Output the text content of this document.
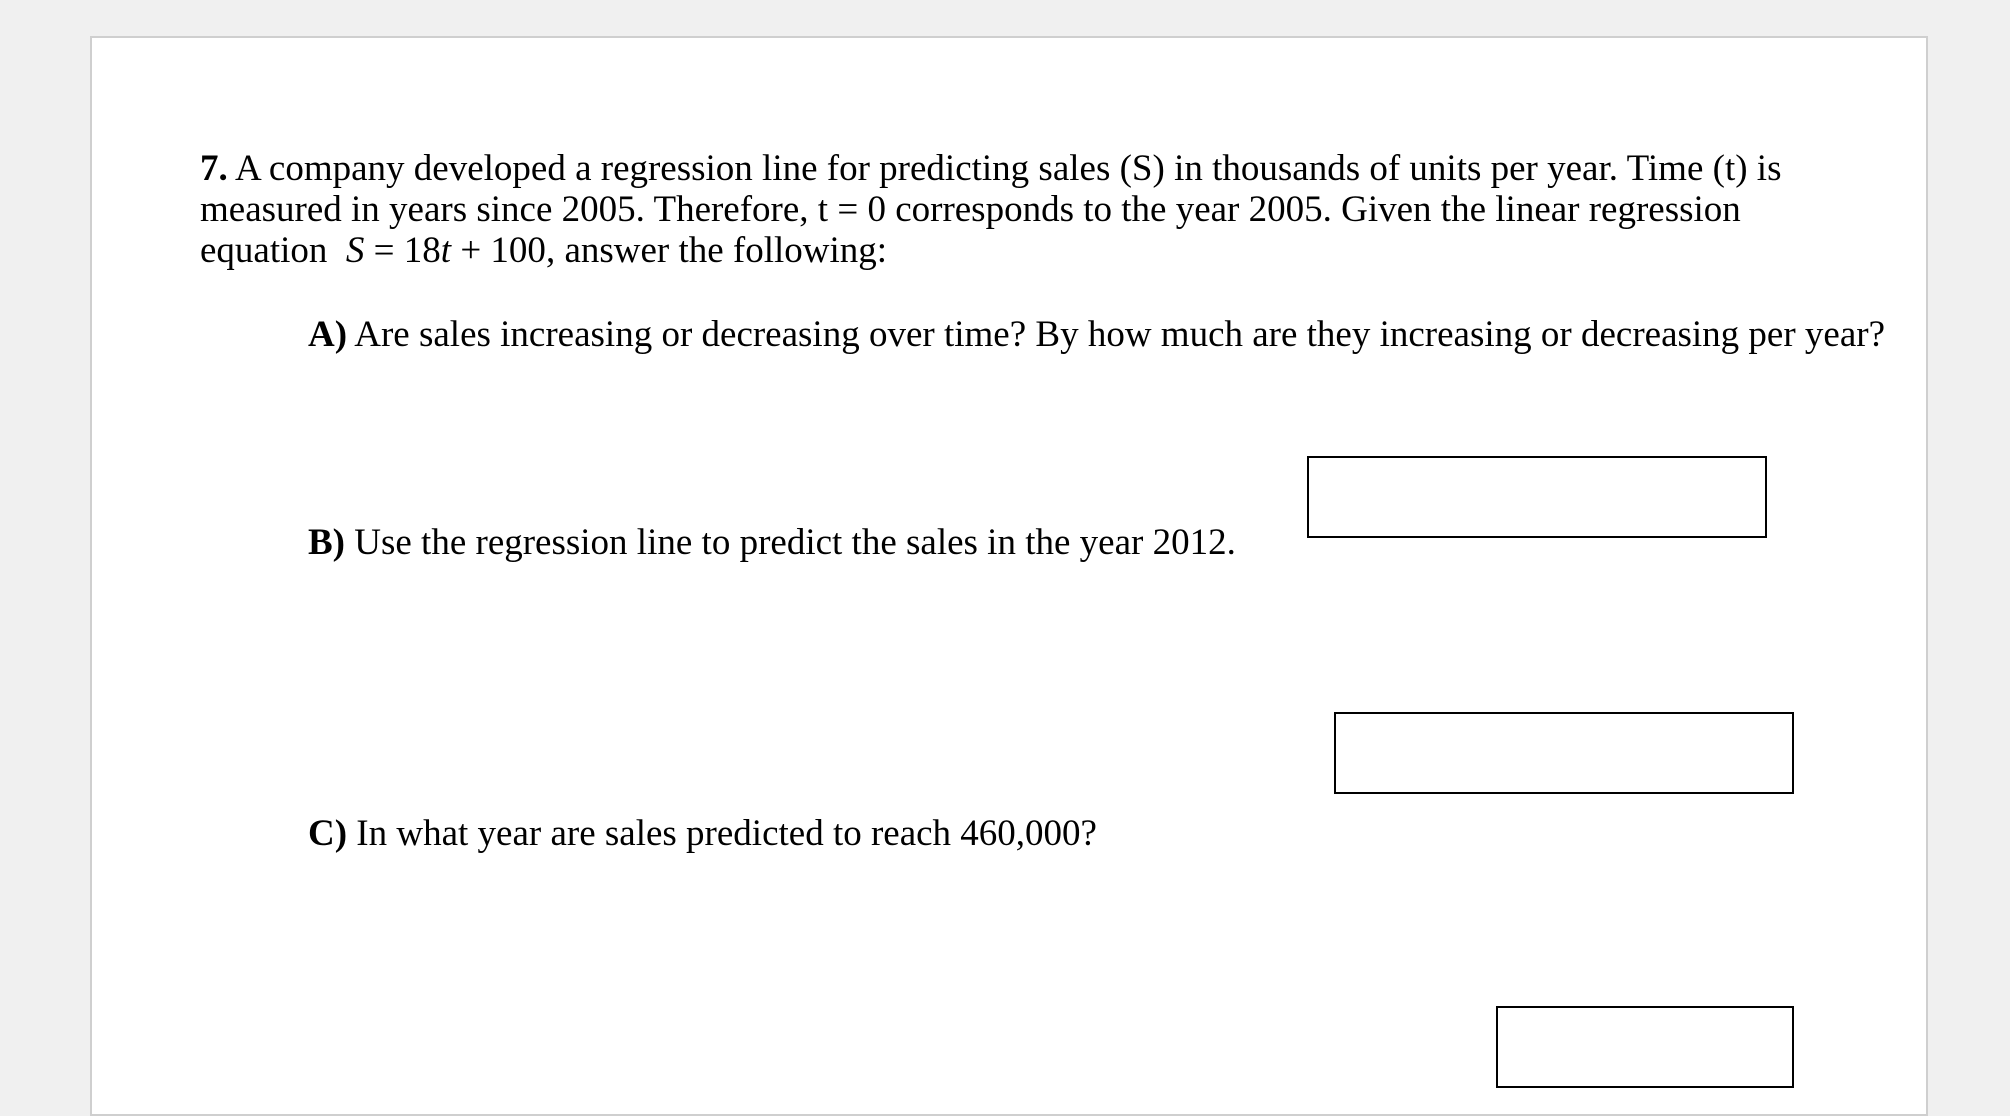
7. A company developed a regression line for predicting sales (S) in thousands of units per year. Time (t) is

measured in years since 2005. Therefore, t = 0 corresponds to the year 2005. Given the linear regression

equation S = 18t + 100, answer the following:

A) Are sales increasing or decreasing over time? By how much are they increasing or decreasing per year?
B) Use the regression line to predict the sales in the year 2012.
C) In what year are sales predicted to reach 460,000?
